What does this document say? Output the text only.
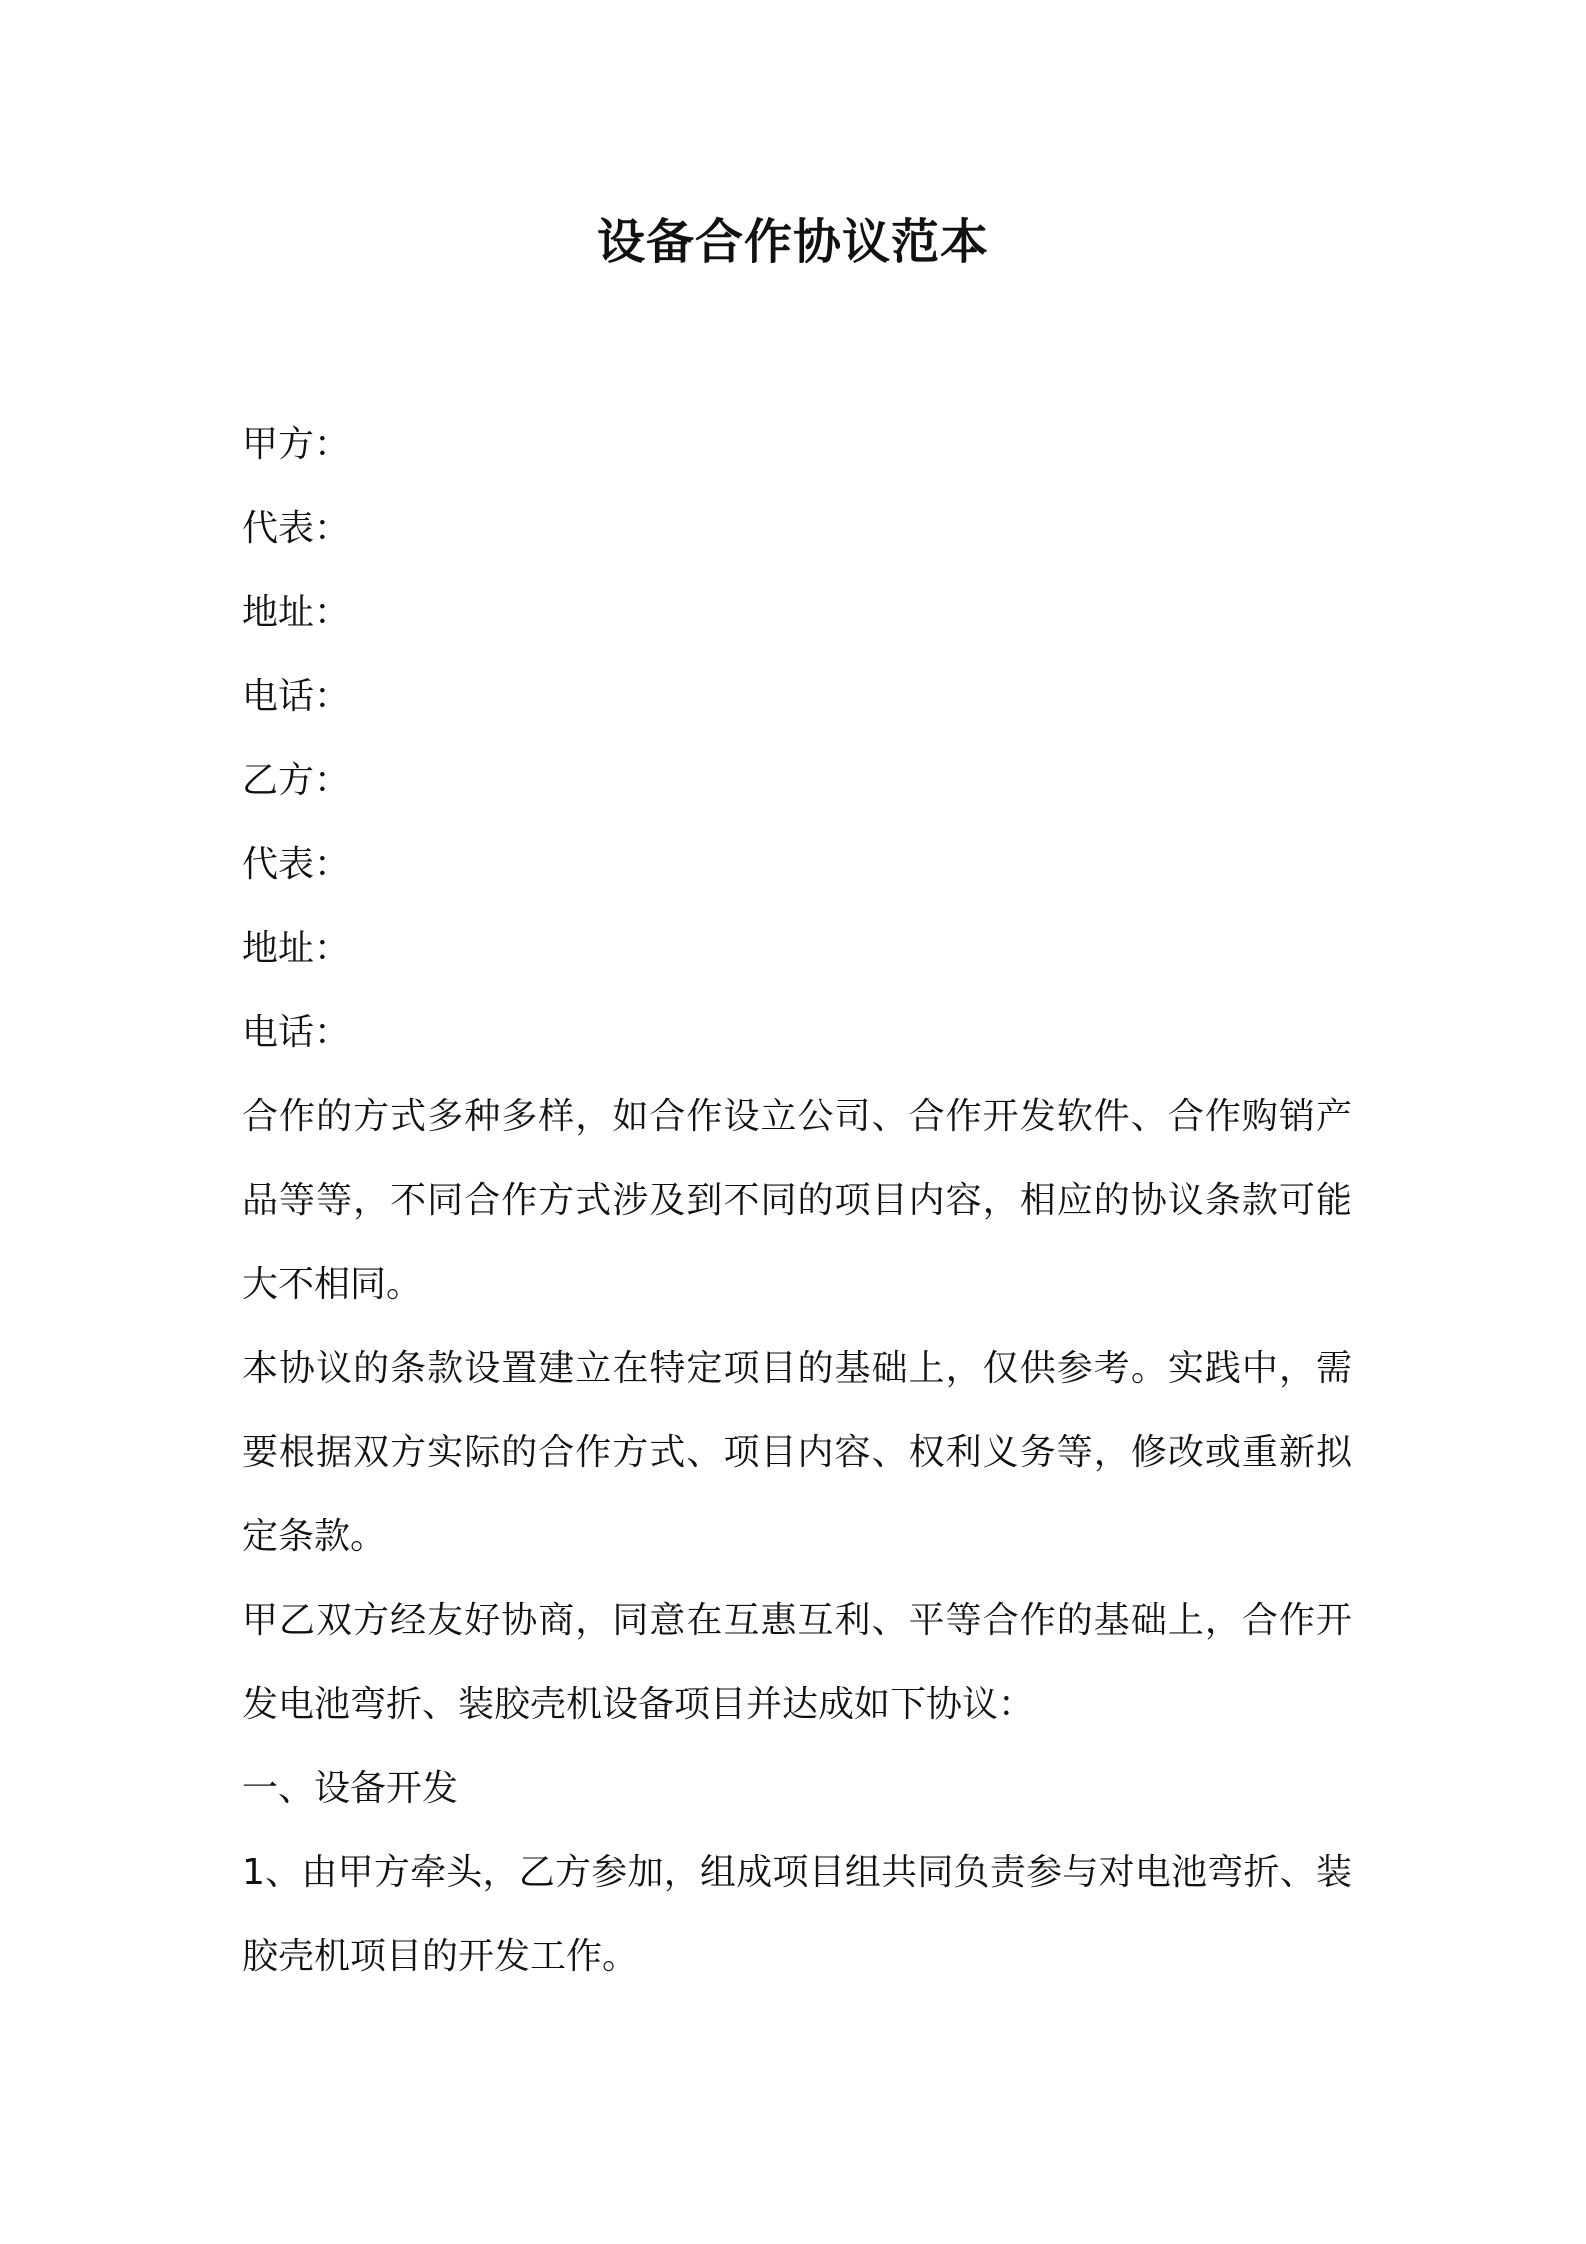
设备合作协议范本
甲方：
代表：
地址：
电话：
乙方：
代表：
地址：
电话：
合作的方式多种多样，如合作设立公司、合作开发软件、合作购销产品等等，不同合作方式涉及到不同的项目内容，相应的协议条款可能大不相同。
本协议的条款设置建立在特定项目的基础上，仅供参考。实践中，需要根据双方实际的合作方式、项目内容、权利义务等，修改或重新拟定条款。
甲乙双方经友好协商，同意在互惠互利、平等合作的基础上，合作开发电池弯折、装胶壳机设备项目并达成如下协议：
一、设备开发
1、由甲方牵头，乙方参加，组成项目组共同负责参与对电池弯折、装胶壳机项目的开发工作。
